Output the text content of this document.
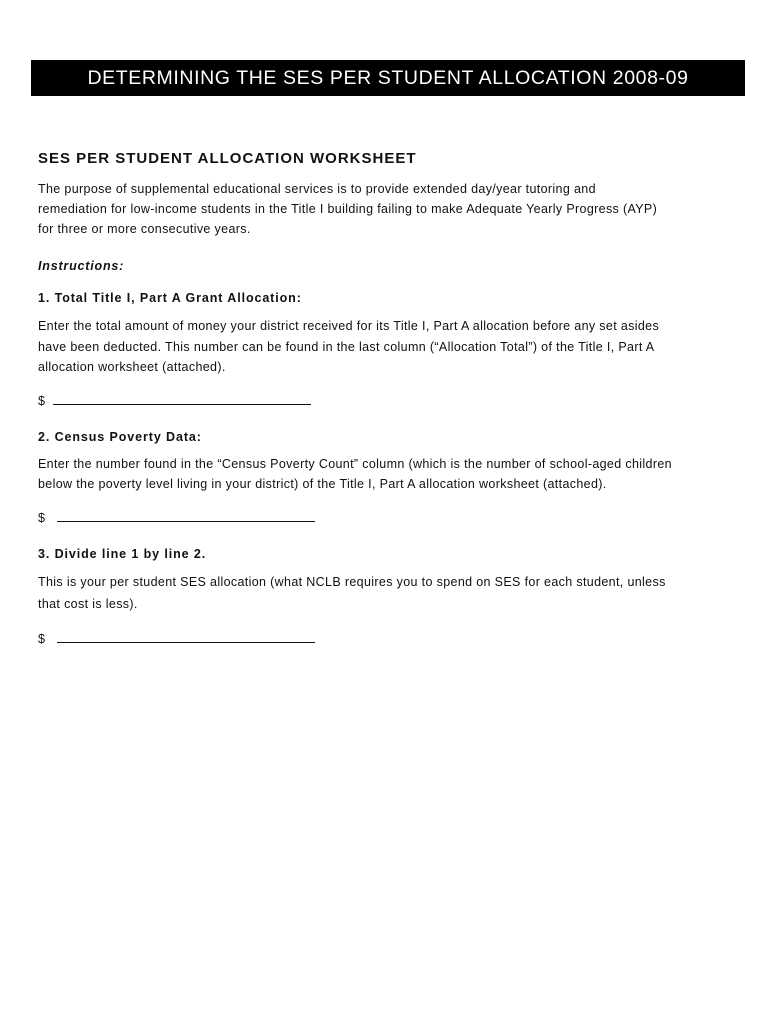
DETERMINING THE SES PER STUDENT ALLOCATION 2008-09

SES PER STUDENT ALLOCATION WORKSHEET

The purpose of supplemental educational services is to provide extended day/year tutoring and

remediation for low-income students in the Title I building failing to make Adequate Yearly Progress (AYP)

for three or more consecutive years.

Instructions:

1. Total Title I, Part A Grant Allocation:

Enter the total amount of money your district received for its Title I, Part A allocation before any set asides

have been deducted. This number can be found in the last column (“Allocation Total”) of the Title I, Part A

allocation worksheet (attached).

$

2. Census Poverty Data:

Enter the number found in the “Census Poverty Count” column (which is the number of school-aged children

below the poverty level living in your district) of the Title I, Part A allocation worksheet (attached).

$

3. Divide line 1 by line 2.

This is your per student SES allocation (what NCLB requires you to spend on SES for each student, unless

that cost is less).

$
